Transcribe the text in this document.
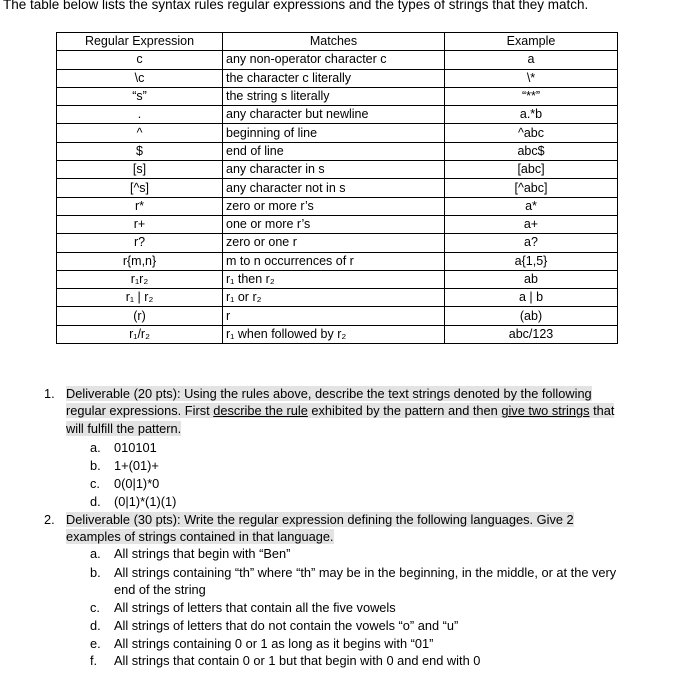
The table below lists the syntax rules regular expressions and the types of strings that they match.
Regular Expression	Matches	Example
c	any non-operator character c	a
\c	the character c literally	\*
“s”	the string s literally	“**”
.	any character but newline	a.*b
^	beginning of line	^abc
$	end of line	abc$
[s]	any character in s	[abc]
[^s]	any character not in s	[^abc]
r*	zero or more r’s	a*
r+	one or more r’s	a+
r?	zero or one r	a?
r{m,n}	m to n occurrences of r	a{1,5}
r₁r₂	r₁ then r₂	ab
r₁ | r₂	r₁ or r₂	a | b
(r)	r	(ab)
r₁/r₂	r₁ when followed by r₂	abc/123
1. Deliverable (20 pts): Using the rules above, describe the text strings denoted by the following regular expressions. First describe the rule exhibited by the pattern and then give two strings that will fulfill the pattern.
a. 010101
b. 1+(01)+
c. 0(0|1)*0
d. (0|1)*(1)(1)
2. Deliverable (30 pts): Write the regular expression defining the following languages. Give 2 examples of strings contained in that language.
a. All strings that begin with “Ben”
b. All strings containing “th” where “th” may be in the beginning, in the middle, or at the very end of the string
c. All strings of letters that contain all the five vowels
d. All strings of letters that do not contain the vowels “o” and “u”
e. All strings containing 0 or 1 as long as it begins with “01”
f. All strings that contain 0 or 1 but that begin with 0 and end with 0
